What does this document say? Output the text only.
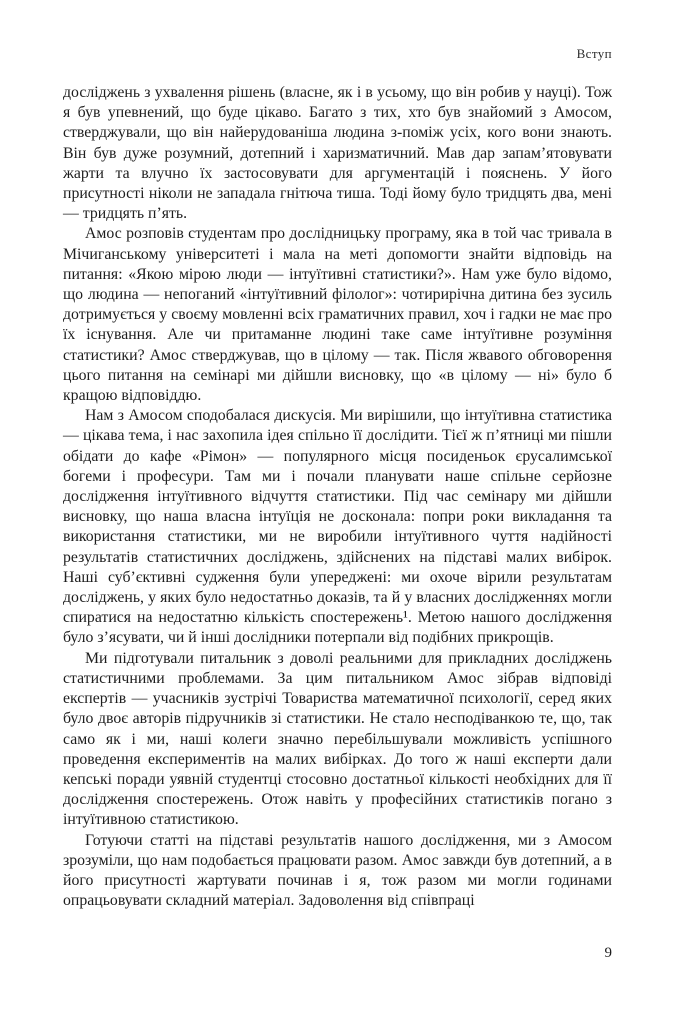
Вступ

досліджень з ухвалення рішень (власне, як і в усьому, що він робив у науці). Тож я був упевнений, що буде цікаво. Багато з тих, хто був знайомий з Амосом, стверджували, що він найерудованіша людина з-поміж усіх, кого вони знають. Він був дуже розумний, дотепний і харизматичний. Мав дар запам’ятовувати жарти та влучно їх застосовувати для аргументацій і пояснень. У його присутності ніколи не западала гнітюча тиша. Тоді йому було тридцять два, мені — тридцять п’ять.

Амос розповів студентам про дослідницьку програму, яка в той час тривала в Мічиганському університеті і мала на меті допомогти знайти відповідь на питання: «Якою мірою люди — інтуїтивні статистики?». Нам уже було відомо, що людина — непоганий «інтуїтивний філолог»: чотирирічна дитина без зусиль дотримується у своєму мовленні всіх граматичних правил, хоч і гадки не має про їх існування. Але чи притаманне людині таке саме інтуїтивне розуміння статистики? Амос стверджував, що в цілому — так. Після жвавого обговорення цього питання на семінарі ми дійшли висновку, що «в цілому — ні» було б кращою відповіддю.

Нам з Амосом сподобалася дискусія. Ми вирішили, що інтуїтивна статистика — цікава тема, і нас захопила ідея спільно її дослідити. Тієї ж п’ятниці ми пішли обідати до кафе «Рімон» — популярного місця посиденьок єрусалимської богеми і професури. Там ми і почали планувати наше спільне серйозне дослідження інтуїтивного відчуття статистики. Під час семінару ми дійшли висновку, що наша власна інтуїція не досконала: попри роки викладання та використання статистики, ми не виробили інтуїтивного чуття надійності результатів статистичних досліджень, здійснених на підставі малих вибірок. Наші суб’єктивні судження були упереджені: ми охоче вірили результатам досліджень, у яких було недостатньо доказів, та й у власних дослідженнях могли спиратися на недостатню кількість спостережень¹. Метою нашого дослідження було з’ясувати, чи й інші дослідники потерпали від подібних прикрощів.

Ми підготували питальник з доволі реальними для прикладних досліджень статистичними проблемами. За цим питальником Амос зібрав відповіді експертів — учасників зустрічі Товариства математичної психології, серед яких було двоє авторів підручників зі статистики. Не стало несподіванкою те, що, так само як і ми, наші колеги значно перебільшували можливість успішного проведення експериментів на малих вибірках. До того ж наші експерти дали кепські поради уявній студентці стосовно достатньої кількості необхідних для її дослідження спостережень. Отож навіть у професійних статистиків погано з інтуїтивною статистикою.

Готуючи статті на підставі результатів нашого дослідження, ми з Амосом зрозуміли, що нам подобається працювати разом. Амос завжди був дотепний, а в його присутності жартувати починав і я, тож разом ми могли годинами опрацьовувати складний матеріал. Задоволення від співпраці

9
